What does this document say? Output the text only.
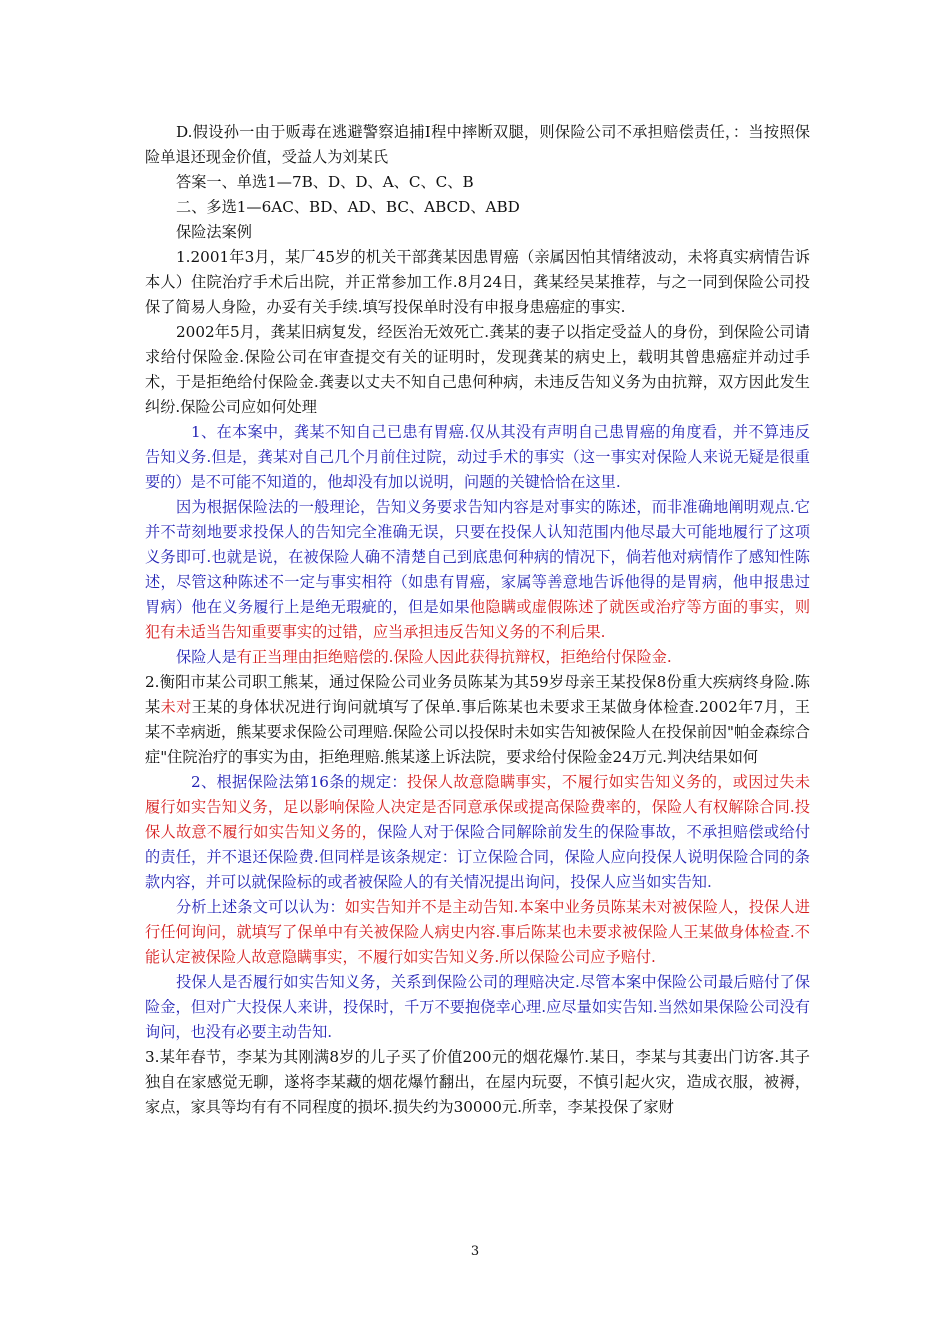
D.假设孙一由于贩毒在逃避警察追捕Ⅰ程中摔断双腿，则保险公司不承担赔偿责任，：当按照保险单退还现金价值，受益人为刘某氏

答案一、单选1—7B、D、D、A、C、C、B

二、多选1—6AC、BD、AD、BC、ABCD、ABD

保险法案例

1.2001年3月，某厂45岁的机关干部龚某因患胃癌（亲属因怕其情绪波动，未将真实病情告诉本人）住院治疗手术后出院，并正常参加工作.8月24日，龚某经吴某推荐，与之一同到保险公司投保了简易人身险，办妥有关手续.填写投保单时没有申报身患癌症的事实.

2002年5月，龚某旧病复发，经医治无效死亡.龚某的妻子以指定受益人的身份，到保险公司请求给付保险金.保险公司在审查提交有关的证明时，发现龚某的病史上，载明其曾患癌症并动过手术，于是拒绝给付保险金.龚妻以丈夫不知自己患何种病，未违反告知义务为由抗辩，双方因此发生纠纷.保险公司应如何处理

1、在本案中，龚某不知自己已患有胃癌.仅从其没有声明自己患胃癌的角度看，并不算违反告知义务.但是，龚某对自己几个月前住过院，动过手术的事实（这一事实对保险人来说无疑是很重要的）是不可能不知道的，他却没有加以说明，问题的关键恰恰在这里.

因为根据保险法的一般理论，告知义务要求告知内容是对事实的陈述，而非准确地阐明观点.它并不苛刻地要求投保人的告知完全准确无误，只要在投保人认知范围内他尽最大可能地履行了这项义务即可.也就是说，在被保险人确不清楚自己到底患何种病的情况下，倘若他对病情作了感知性陈述，尽管这种陈述不一定与事实相符（如患有胃癌，家属等善意地告诉他得的是胃病，他申报患过胃病）他在义务履行上是绝无瑕疵的，但是如果他隐瞒或虚假陈述了就医或治疗等方面的事实，则犯有未适当告知重要事实的过错，应当承担违反告知义务的不利后果.

保险人是有正当理由拒绝赔偿的.保险人因此获得抗辩权，拒绝给付保险金.

2.衡阳市某公司职工熊某，通过保险公司业务员陈某为其59岁母亲王某投保8份重大疾病终身险.陈某未对王某的身体状况进行询问就填写了保单.事后陈某也未要求王某做身体检查.2002年7月，王某不幸病逝，熊某要求保险公司理赔.保险公司以投保时未如实告知被保险人在投保前因"帕金森综合症"住院治疗的事实为由，拒绝理赔.熊某遂上诉法院，要求给付保险金24万元.判决结果如何

2、根据保险法第16条的规定：投保人故意隐瞒事实，不履行如实告知义务的，或因过失未履行如实告知义务，足以影响保险人决定是否同意承保或提高保险费率的，保险人有权解除合同.投保人故意不履行如实告知义务的，保险人对于保险合同解除前发生的保险事故，不承担赔偿或给付的责任，并不退还保险费.但同样是该条规定：订立保险合同，保险人应向投保人说明保险合同的条款内容，并可以就保险标的或者被保险人的有关情况提出询问，投保人应当如实告知.

分析上述条文可以认为：如实告知并不是主动告知.本案中业务员陈某未对被保险人，投保人进行任何询问，就填写了保单中有关被保险人病史内容.事后陈某也未要求被保险人王某做身体检查.不能认定被保险人故意隐瞒事实，不履行如实告知义务.所以保险公司应予赔付.

投保人是否履行如实告知义务，关系到保险公司的理赔决定.尽管本案中保险公司最后赔付了保险金，但对广大投保人来讲，投保时，千万不要抱侥幸心理.应尽量如实告知.当然如果保险公司没有询问，也没有必要主动告知.

3.某年春节，李某为其刚满8岁的儿子买了价值200元的烟花爆竹.某日，李某与其妻出门访客.其子独自在家感觉无聊，遂将李某藏的烟花爆竹翻出，在屋内玩耍，不慎引起火灾，造成衣服，被褥，家点，家具等均有有不同程度的损坏.损失约为30000元.所幸，李某投保了家财

3
